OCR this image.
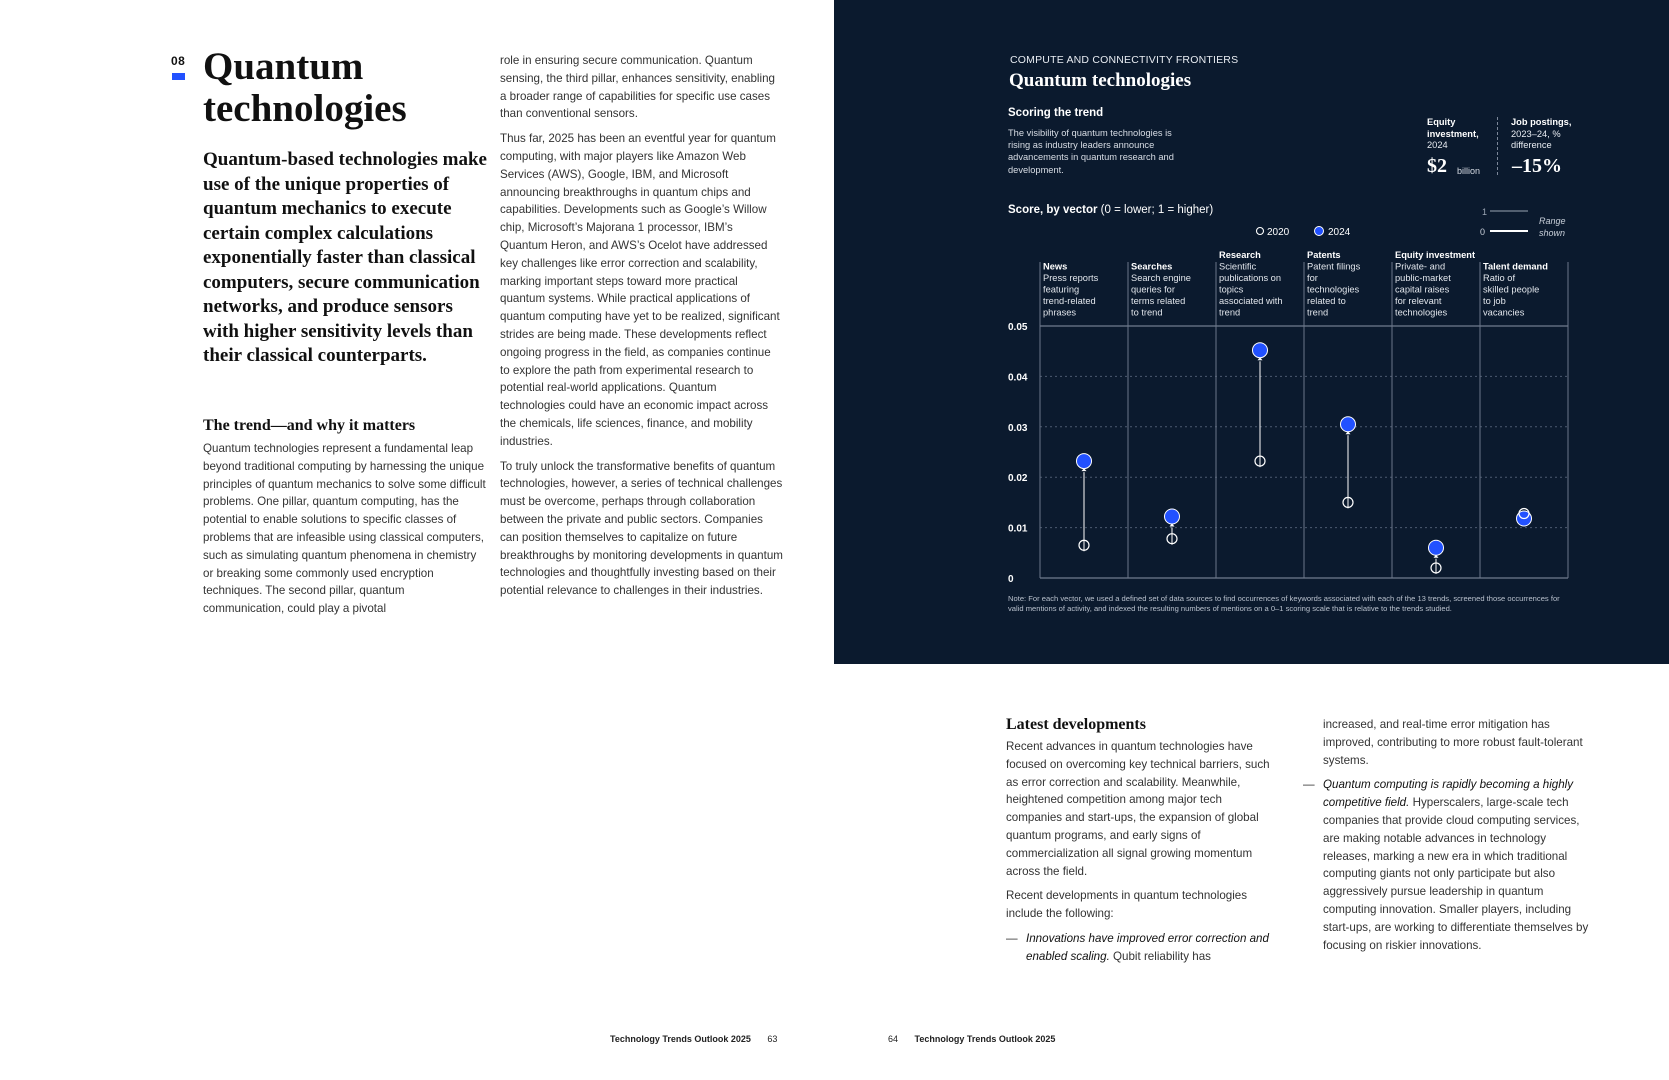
08 Quantum technologies
Quantum-based technologies make use of the unique properties of quantum mechanics to execute certain complex calculations exponentially faster than classical computers, secure communication networks, and produce sensors with higher sensitivity levels than their classical counterparts.
The trend—and why it matters

Quantum technologies represent a fundamental leap beyond traditional computing by harnessing the unique principles of quantum mechanics to solve some difficult problems. One pillar, quantum computing, has the potential to enable solutions to specific classes of problems that are infeasible using classical computers, such as simulating quantum phenomena in chemistry or breaking some commonly used encryption techniques. The second pillar, quantum communication, could play a pivotal

role in ensuring secure communication. Quantum sensing, the third pillar, enhances sensitivity, enabling a broader range of capabilities for specific use cases than conventional sensors.

Thus far, 2025 has been an eventful year for quantum computing, with major players like Amazon Web Services (AWS), Google, IBM, and Microsoft announcing breakthroughs in quantum chips and capabilities. Developments such as Google’s Willow chip, Microsoft’s Majorana 1 processor, IBM’s Quantum Heron, and AWS’s Ocelot have addressed key challenges like error correction and scalability, marking important steps toward more practical quantum systems. While practical applications of quantum computing have yet to be realized, significant strides are being made. These developments reflect ongoing progress in the field, as companies continue to explore the path from experimental research to potential real-world applications. Quantum technologies could have an economic impact across the chemicals, life sciences, finance, and mobility industries.

To truly unlock the transformative benefits of quantum technologies, however, a series of technical challenges must be overcome, perhaps through collaboration between the private and public sectors. Companies can position themselves to capitalize on future breakthroughs by monitoring developments in quantum technologies and thoughtfully investing based on their potential relevance to challenges in their industries.

Technology Trends Outlook 2025 63
COMPUTE AND CONNECTIVITY FRONTIERS
Quantum technologies
Scoring the trend
The visibility of quantum technologies is rising as industry leaders announce advancements in quantum research and development.
Equity investment,
2024
Job postings,
2023–24, % difference
$2 billion –15%
Score, by vector (0 = lower; 1 = higher)
0
0.01
0.02
0.03
0.04
0.05
News
Press reports
featuring
trend-related
phrases
Searches
Search engine
queries for
terms related
to trend
Research
Scientific
publications on
topics
associated with
trend
Patents
Patent filings
for
technologies
related to
trend
Equity investment
Private- and
public-market
capital raises
for relevant
technologies
Talent demand
Ratio of
skilled people
to job
vacancies
2020	2024
1
0
Range
shown
Note: For each vector, we used a defined set of data sources to find occurrences of keywords associated with each of the 13 trends, screened those occurrences for valid mentions of activity, and indexed the resulting numbers of mentions on a 0–1 scoring scale that is relative to the trends studied.
Latest developments

Recent advances in quantum technologies have focused on overcoming key technical barriers, such as error correction and scalability. Meanwhile, heightened competition among major tech companies and start-ups, the expansion of global quantum programs, and early signs of commercialization all signal growing momentum across the field.

Recent developments in quantum technologies include the following:

— Innovations have improved error correction and enabled scaling. Qubit reliability has

increased, and real-time error mitigation has improved, contributing to more robust fault-tolerant systems.

— Quantum computing is rapidly becoming a highly competitive field. Hyperscalers, large-scale tech companies that provide cloud computing services, are making notable advances in technology releases, marking a new era in which traditional computing giants not only participate but also aggressively pursue leadership in quantum computing innovation. Smaller players, including start-ups, are working to differentiate themselves by focusing on riskier innovations.
64 Technology Trends Outlook 2025
